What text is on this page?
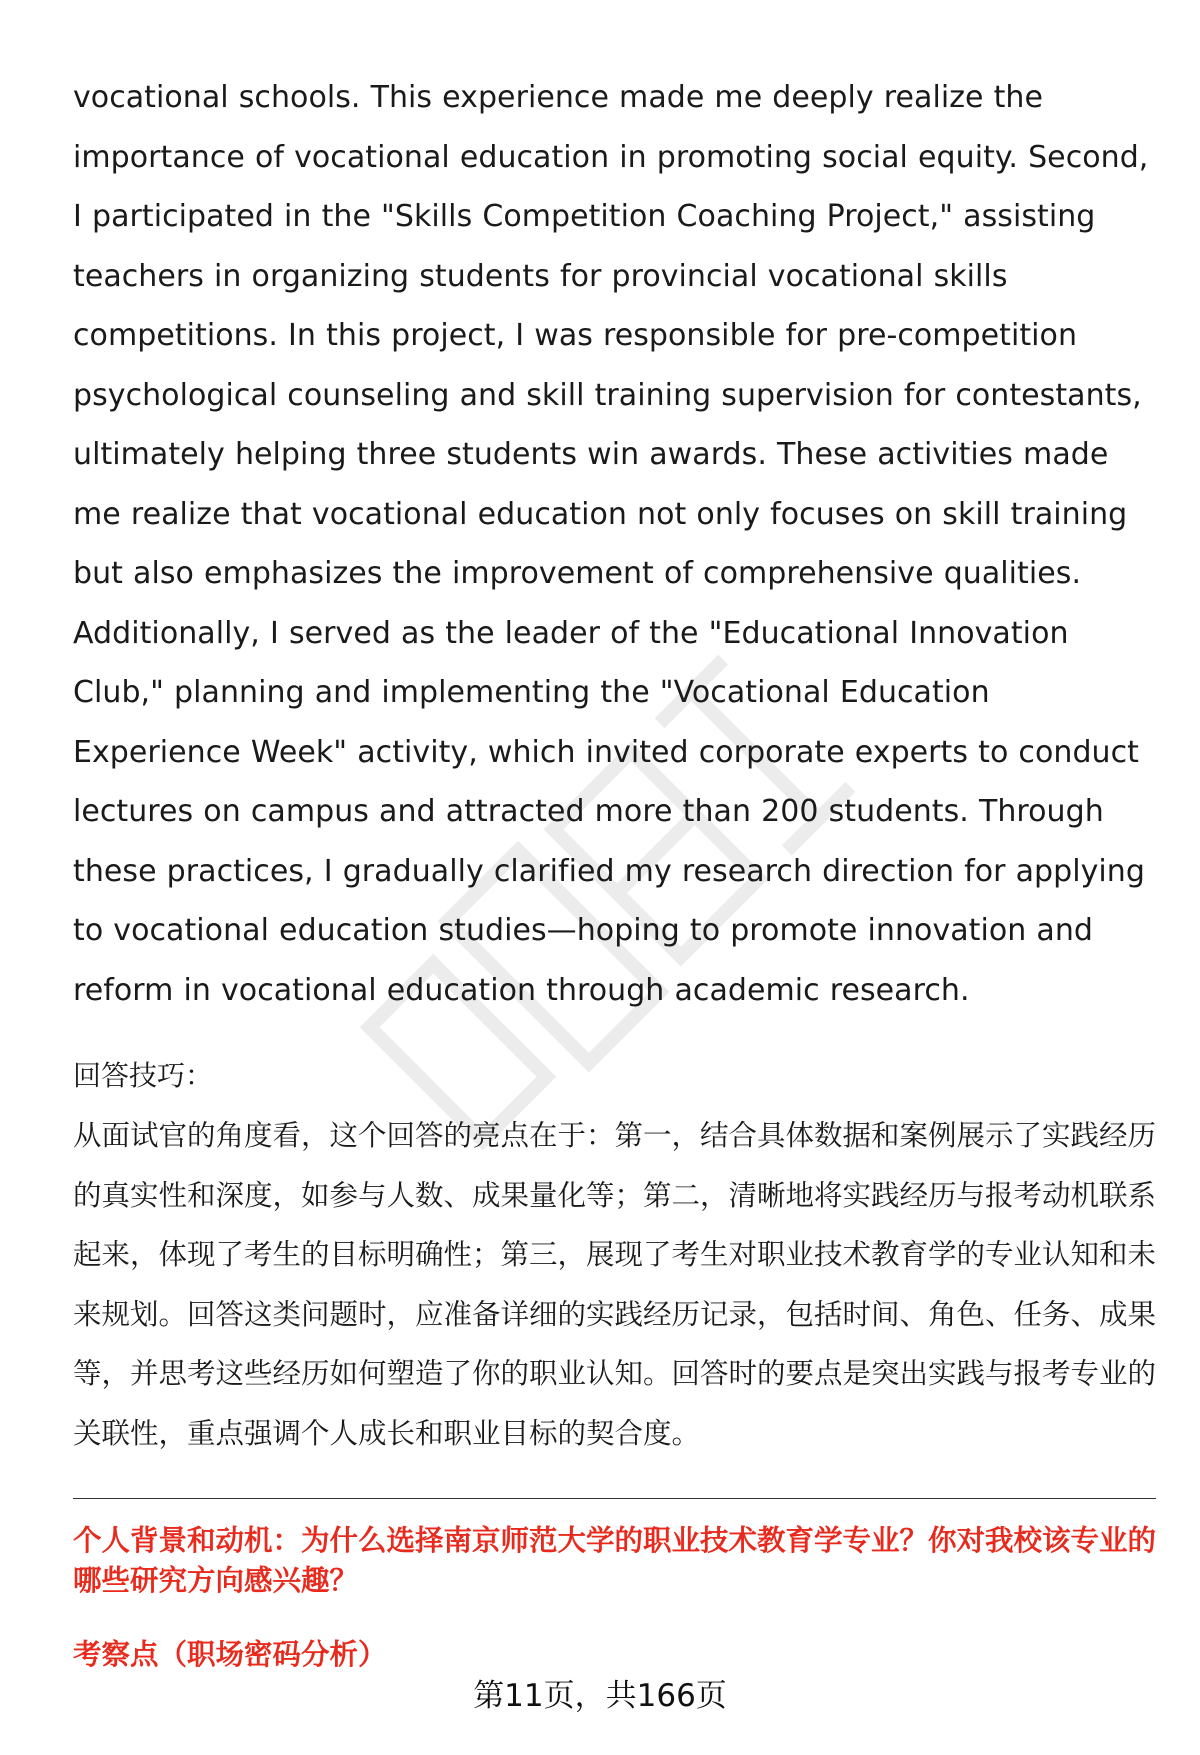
vocational schools. This experience made me deeply realize the importance of vocational education in promoting social equity. Second, I participated in the "Skills Competition Coaching Project," assisting teachers in organizing students for provincial vocational skills competitions. In this project, I was responsible for pre-competition psychological counseling and skill training supervision for contestants, ultimately helping three students win awards. These activities made me realize that vocational education not only focuses on skill training but also emphasizes the improvement of comprehensive qualities. Additionally, I served as the leader of the "Educational Innovation Club," planning and implementing the "Vocational Education Experience Week" activity, which invited corporate experts to conduct lectures on campus and attracted more than 200 students. Through these practices, I gradually clarified my research direction for applying to vocational education studies—hoping to promote innovation and reform in vocational education through academic research.

回答技巧：

从面试官的角度看，这个回答的亮点在于：第一，结合具体数据和案例展示了实践经历的真实性和深度，如参与人数、成果量化等；第二，清晰地将实践经历与报考动机联系起来，体现了考生的目标明确性；第三，展现了考生对职业技术教育学的专业认知和未来规划。回答这类问题时，应准备详细的实践经历记录，包括时间、角色、任务、成果等，并思考这些经历如何塑造了你的职业认知。回答时的要点是突出实践与报考专业的关联性，重点强调个人成长和职业目标的契合度。

个人背景和动机：为什么选择南京师范大学的职业技术教育学专业？你对我校该专业的哪些研究方向感兴趣？

考察点（职场密码分析）

第11页，共166页
